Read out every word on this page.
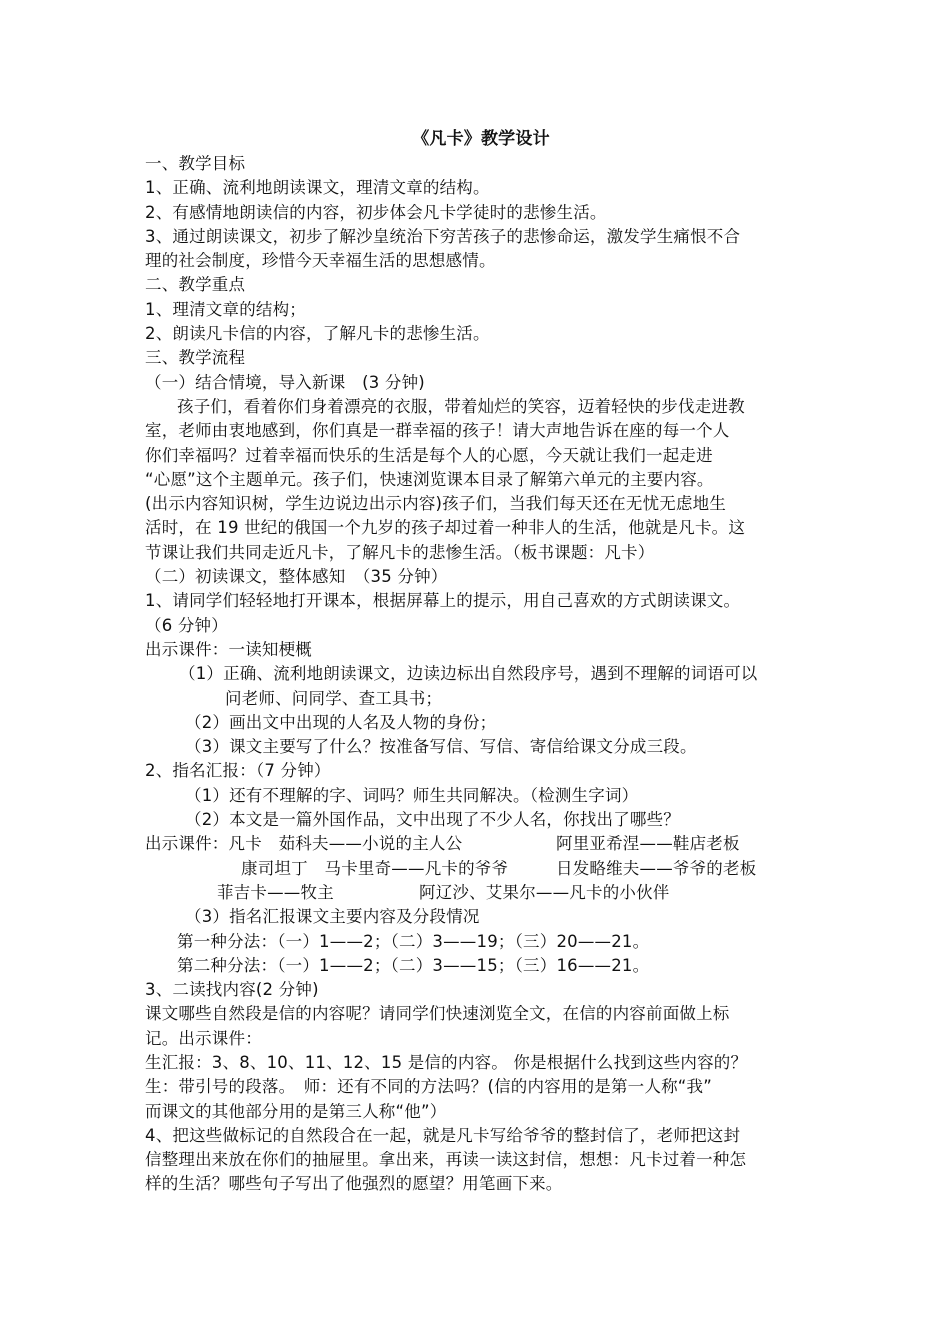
《凡卡》教学设计
一、教学目标
1、正确、流利地朗读课文，理清文章的结构。
2、有感情地朗读信的内容，初步体会凡卡学徒时的悲惨生活。
3、通过朗读课文，初步了解沙皇统治下穷苦孩子的悲惨命运，激发学生痛恨不合
理的社会制度，珍惜今天幸福生活的思想感情。
二、教学重点
1、理清文章的结构；
2、朗读凡卡信的内容，了解凡卡的悲惨生活。
三、教学流程
（一）结合情境，导入新课　(3 分钟)
孩子们，看着你们身着漂亮的衣服，带着灿烂的笑容，迈着轻快的步伐走进教
室，老师由衷地感到，你们真是一群幸福的孩子！请大声地告诉在座的每一个人
你们幸福吗？过着幸福而快乐的生活是每个人的心愿，今天就让我们一起走进
“心愿”这个主题单元。孩子们，快速浏览课本目录了解第六单元的主要内容。
(出示内容知识树，学生边说边出示内容)孩子们，当我们每天还在无忧无虑地生
活时，在 19 世纪的俄国一个九岁的孩子却过着一种非人的生活，他就是凡卡。这
节课让我们共同走近凡卡，了解凡卡的悲惨生活。（板书课题：凡卡）
（二）初读课文，整体感知　（35 分钟）
1、请同学们轻轻地打开课本，根据屏幕上的提示，用自己喜欢的方式朗读课文。
（6 分钟）
出示课件：一读知梗概
（1）正确、流利地朗读课文，边读边标出自然段序号，遇到不理解的词语可以
问老师、问同学、查工具书；
（2）画出文中出现的人名及人物的身份；
（3）课文主要写了什么？按准备写信、写信、寄信给课文分成三段。
2、指名汇报：（7 分钟）
（1）还有不理解的字、词吗？师生共同解决。（检测生字词）
（2）本文是一篇外国作品，文中出现了不少人名，你找出了哪些？
出示课件：凡卡　茹科夫——小说的主人公	阿里亚希涅——鞋店老板
康司坦丁　马卡里奇——凡卡的爷爷	日发略维夫——爷爷的老板
菲吉卡——牧主	阿辽沙、艾果尔——凡卡的小伙伴
（3）指名汇报课文主要内容及分段情况
第一种分法：（一）1——2；（二）3——19；（三）20——21。
第二种分法：（一）1——2；（二）3——15；（三）16——21。
3、二读找内容(2 分钟)
课文哪些自然段是信的内容呢？请同学们快速浏览全文，在信的内容前面做上标
记。出示课件：
生汇报：3、8、10、11、12、15 是信的内容。 你是根据什么找到这些内容的？
生：带引号的段落。　师：还有不同的方法吗？(信的内容用的是第一人称“我”
而课文的其他部分用的是第三人称“他”）
4、把这些做标记的自然段合在一起，就是凡卡写给爷爷的整封信了，老师把这封
信整理出来放在你们的抽屉里。拿出来，再读一读这封信，想想：凡卡过着一种怎
样的生活？哪些句子写出了他强烈的愿望？用笔画下来。
